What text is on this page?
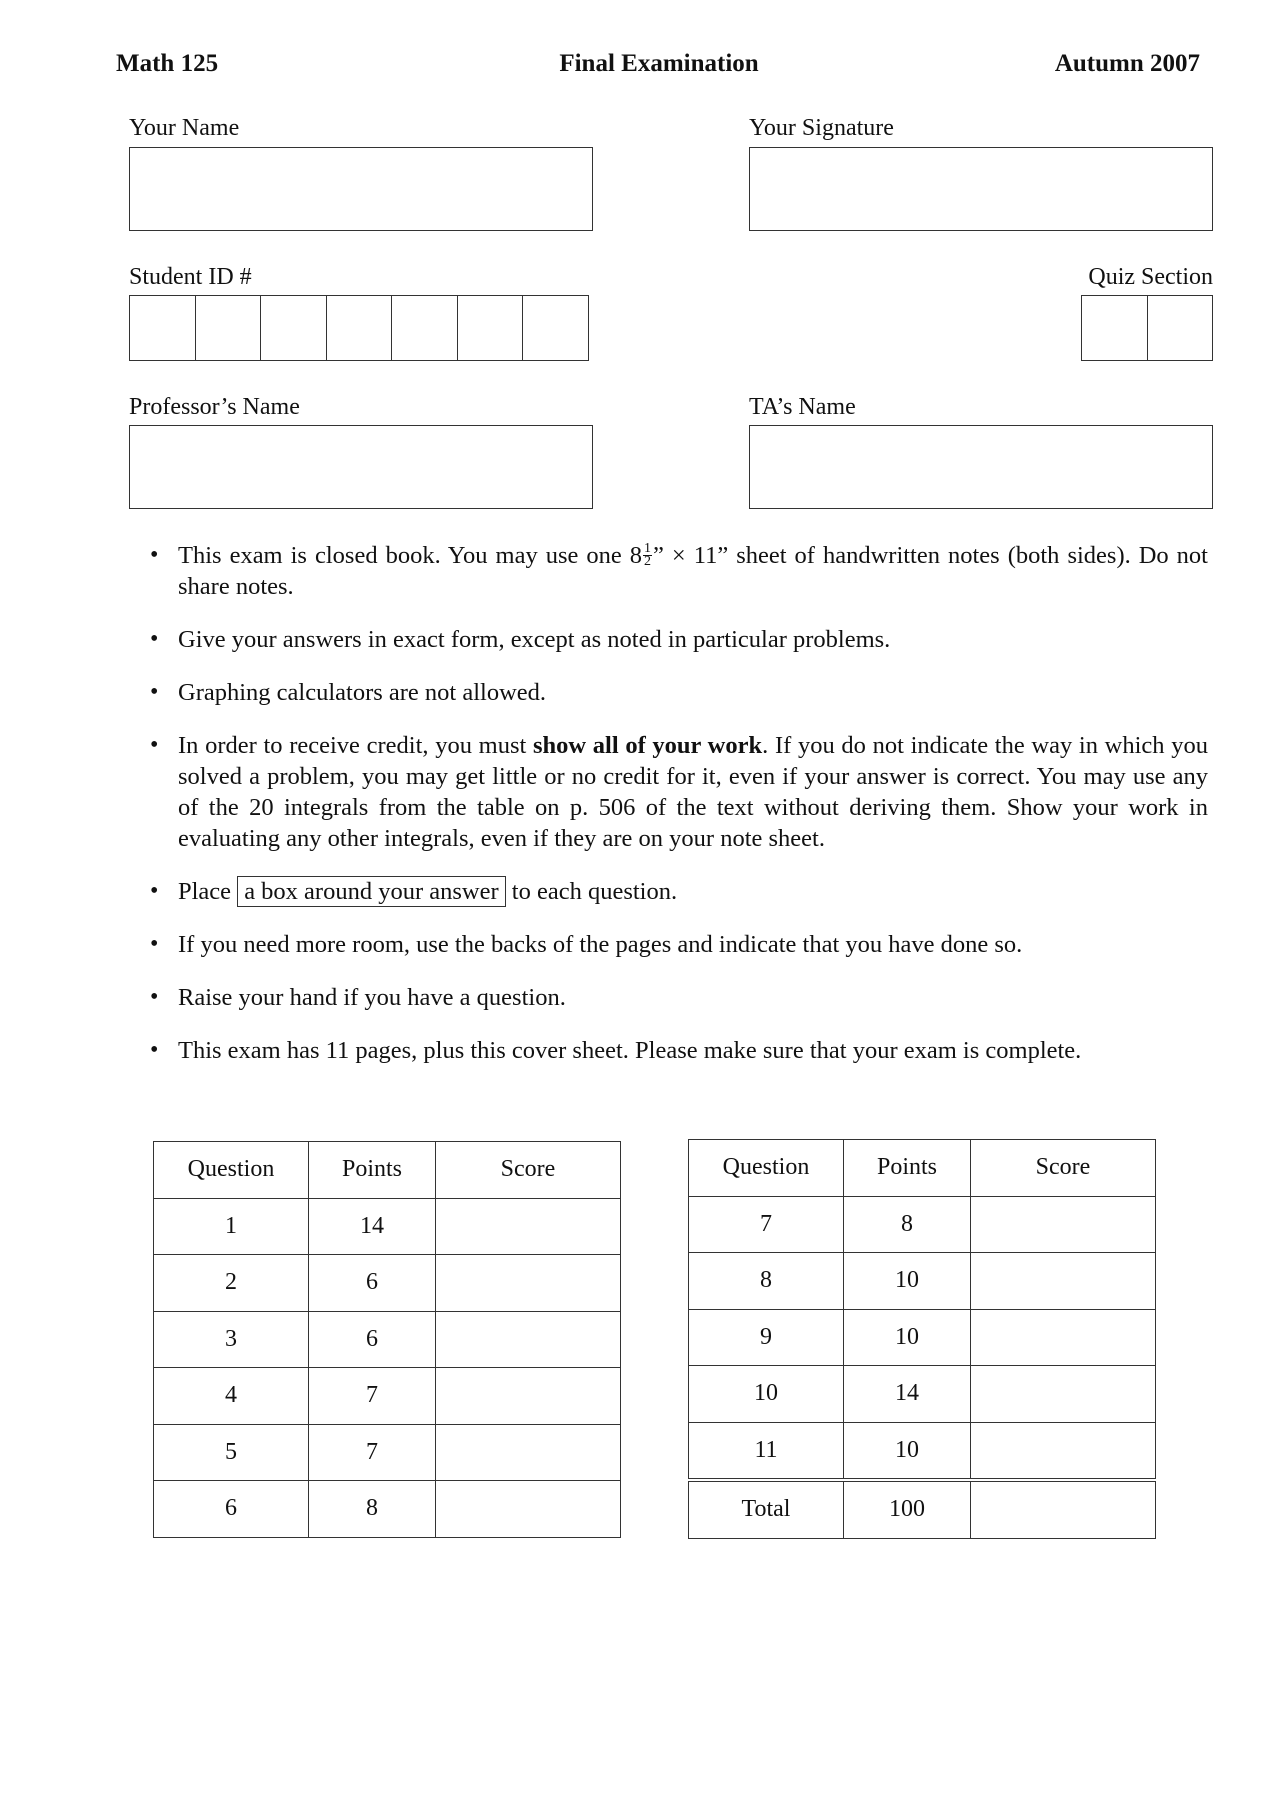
Math 125	Final Examination	Autumn 2007
Your Name	Your Signature
Student ID #	Quiz Section
Professor’s Name	TA’s Name
• This exam is closed book. You may use one $8 \frac{1}{2}$ ” × 11” sheet of handwritten notes (both sides). Do not share notes.
• Give your answers in exact form, except as noted in particular problems.
• Graphing calculators are not allowed.
• In order to receive credit, you must show all of your work. If you do not indicate the way in which you solved a problem, you may get little or no credit for it, even if your answer is correct. You may use any of the 20 integrals from the table on p. 506 of the text without deriving them. Show your work in evaluating any other integrals, even if they are on your note sheet.
• Place a box around your answer to each question.
• If you need more room, use the backs of the pages and indicate that you have done so.
• Raise your hand if you have a question.
• This exam has 11 pages, plus this cover sheet. Please make sure that your exam is complete.
Question	Points	Score
1	14	
2	6	
3	6	
4	7	
5	7	
6	8	
Question	Points	Score
7	8	
8	10	
9	10	
10	14	
11	10	
Total	100	
